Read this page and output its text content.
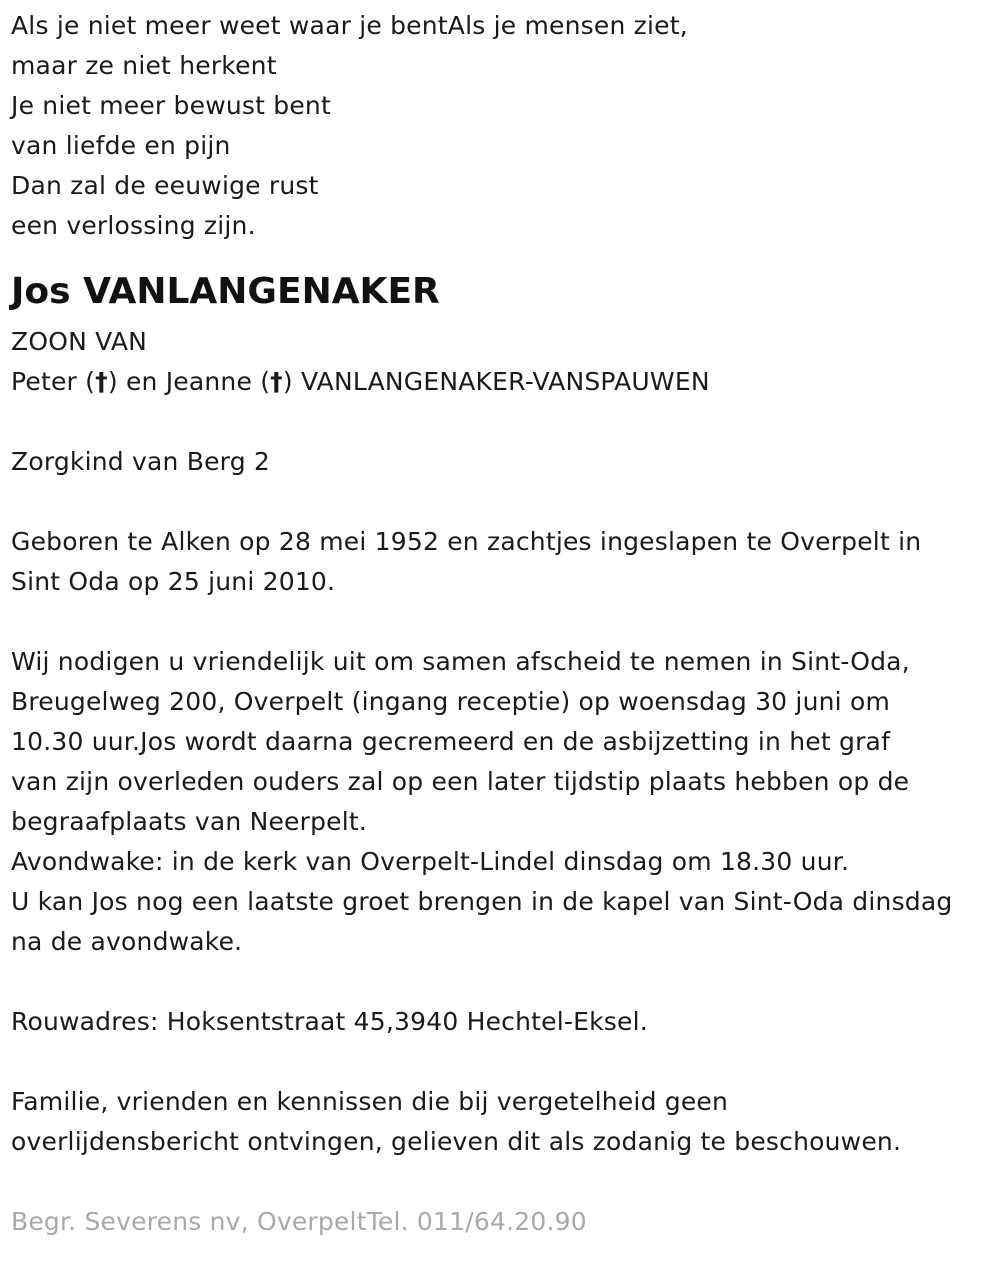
Als je niet meer weet waar je bentAls je mensen ziet,
maar ze niet herkent
Je niet meer bewust bent
van liefde en pijn
Dan zal de eeuwige rust
een verlossing zijn.
Jos VANLANGENAKER
ZOON VAN
Peter (†) en Jeanne (†) VANLANGENAKER-VANSPAUWEN
Zorgkind van Berg 2
Geboren te Alken op 28 mei 1952 en zachtjes ingeslapen te Overpelt in
Sint Oda op 25 juni 2010.
Wij nodigen u vriendelijk uit om samen afscheid te nemen in Sint-Oda,
Breugelweg 200, Overpelt (ingang receptie) op woensdag 30 juni om
10.30 uur.Jos wordt daarna gecremeerd en de asbijzetting in het graf
van zijn overleden ouders zal op een later tijdstip plaats hebben op de
begraafplaats van Neerpelt.
Avondwake: in de kerk van Overpelt-Lindel dinsdag om 18.30 uur.
U kan Jos nog een laatste groet brengen in de kapel van Sint-Oda dinsdag
na de avondwake.
Rouwadres: Hoksentstraat 45,3940 Hechtel-Eksel.
Familie, vrienden en kennissen die bij vergetelheid geen
overlijdensbericht ontvingen, gelieven dit als zodanig te beschouwen.
Begr. Severens nv, OverpeltTel. 011/64.20.90
